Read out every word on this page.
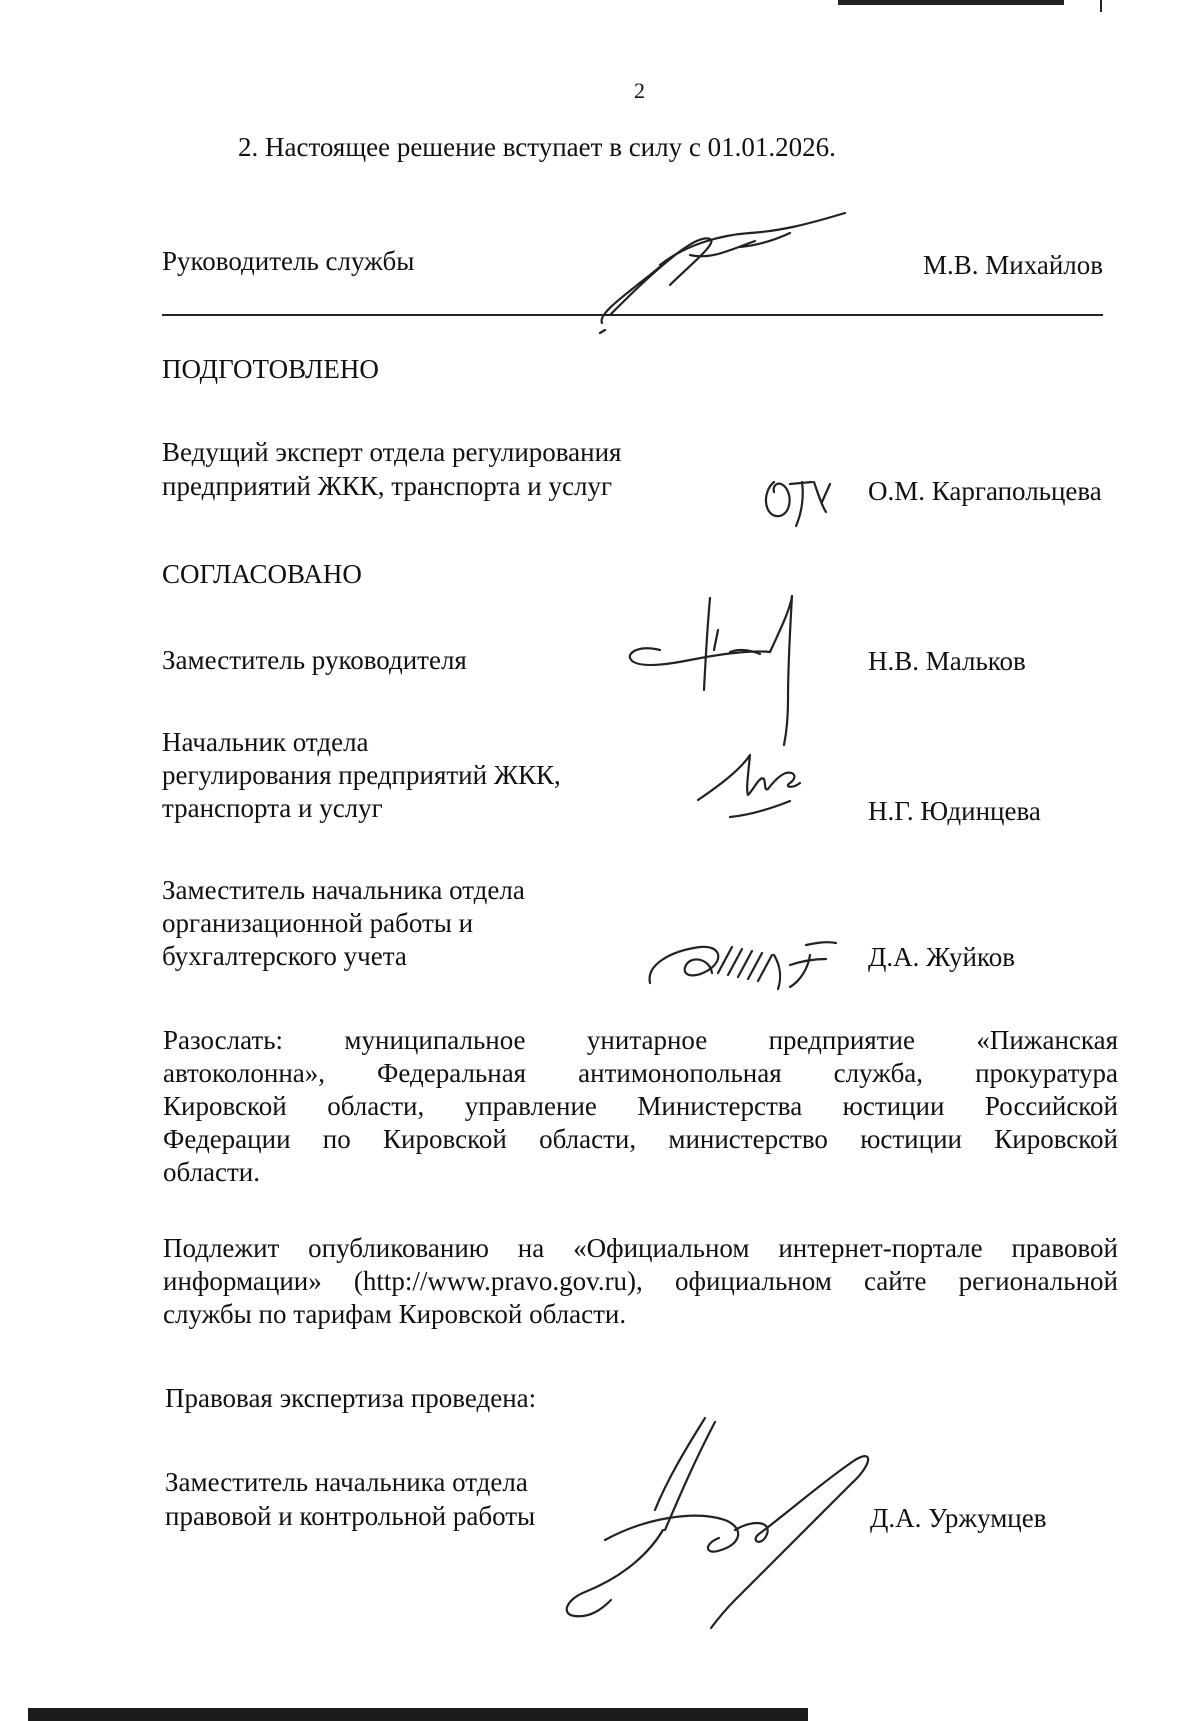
2
2. Настоящее решение вступает в силу с 01.01.2026.
Руководитель службы	М.В. Михайлов
ПОДГОТОВЛЕНО
Ведущий эксперт отдела регулирования
предприятий ЖКК, транспорта и услуг	О.М. Каргапольцева
СОГЛАСОВАНО
Заместитель руководителя	Н.В. Мальков
Начальник отдела
регулирования предприятий ЖКК,
транспорта и услуг	Н.Г. Юдинцева
Заместитель начальника отдела
организационной работы и
бухгалтерского учета	Д.А. Жуйков
Разослать: муниципальное унитарное предприятие «Пижанская
автоколонна», Федеральная антимонопольная служба, прокуратура
Кировской области, управление Министерства юстиции Российской
Федерации по Кировской области, министерство юстиции Кировской
области.
Подлежит опубликованию на «Официальном интернет-портале правовой
информации» (http://www.pravo.gov.ru), официальном сайте региональной
службы по тарифам Кировской области.
Правовая экспертиза проведена:
Заместитель начальника отдела
правовой и контрольной работы	Д.А. Уржумцев
